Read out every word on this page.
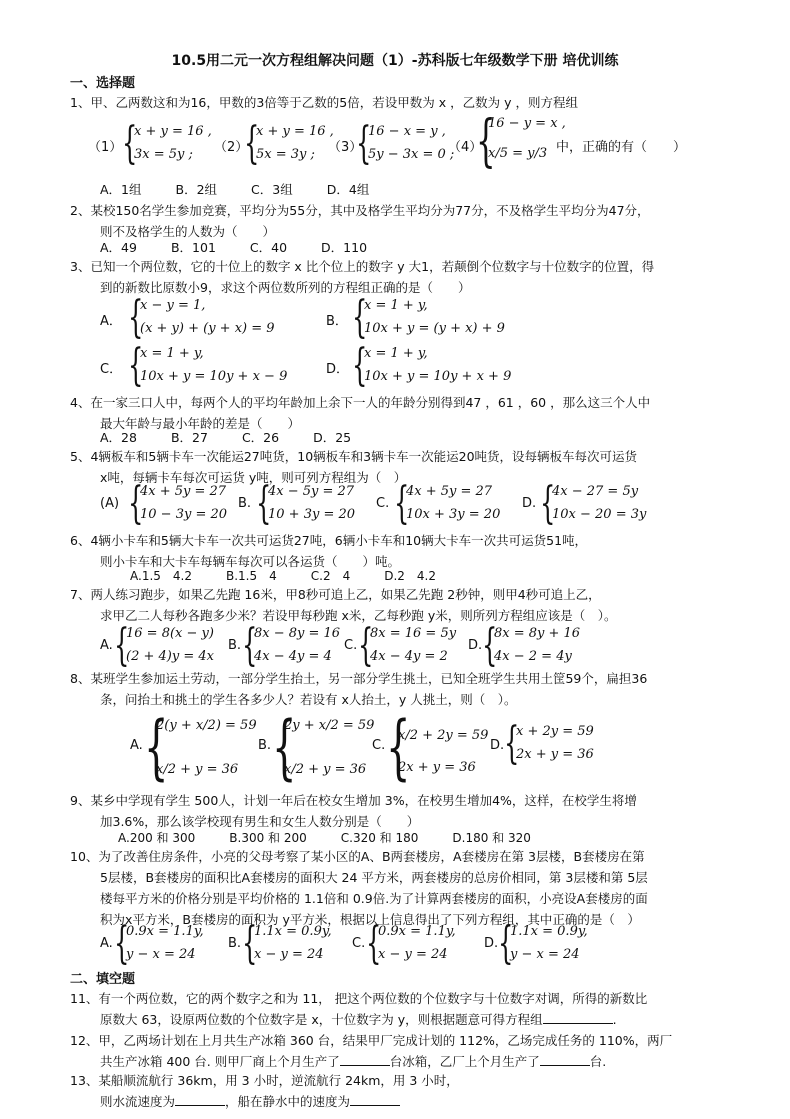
10.5用二元一次方程组解决问题（1）-苏科版七年级数学下册 培优训练
一、选择题

1、甲、乙两数这和为16，甲数的3倍等于乙数的5倍，若设甲数为 x ，乙数为 y ，则方程组

（1） {
x + y = 16 ,
3x = 5y ; （2）
{
x + y = 16 ,
5x = 3y ; （3）
{
16 − x = y ,
5y − 3x = 0 ;
（4）
{
16 − y = x ,
x/5 = y/3 中，正确的有（　　）
A．1组	B．2组	C．3组	D．4组

2、某校150名学生参加竞赛，平均分为55分，其中及格学生平均分为77分，不及格学生平均分为47分，

则不及格学生的人数为（　　）

A．49	B．101	C．40	D．110

3、已知一个两位数，它的十位上的数字 x 比个位上的数字 y 大1，若颠倒个位数字与十位数字的位置，得

到的新数比原数小9，求这个两位数所列的方程组正确的是（　　）

A． {
x − y = 1,
(x + y) + (y + x) = 9	B． {
x = 1 + y,
10x + y = (y + x) + 9
C． {
x = 1 + y,
10x + y = 10y + x − 9	D． {
x = 1 + y,
10x + y = 10y + x + 9

4、在一家三口人中，每两个人的平均年龄加上余下一人的年龄分别得到47 ，61 ，60 ，那么这三个人中

最大年龄与最小年龄的差是（　　）

A．28	B．27	C．26	D．25

5、4辆板车和5辆卡车一次能运27吨货，10辆板车和3辆卡车一次能运20吨货，设每辆板车每次可运货

x吨，每辆卡车每次可运货 y吨，则可列方程组为（　）

(A) {
4x + 5y = 27
10 − 3y = 20
B. {
4x − 5y = 27
10 + 3y = 20
C. {
4x + 5y = 27
10x + 3y = 20
D. {
4x − 27 = 5y
10x − 20 = 3y

6、4辆小卡车和5辆大卡车一次共可运货27吨，6辆小卡车和10辆大卡车一次共可运货51吨，

则小卡车和大卡车每辆车每次可以各运货（　　）吨。

A.1.5　4.2	B.1.5　4	C.2　4	D.2　4.2

7、两人练习跑步，如果乙先跑 16米，甲8秒可追上乙，如果乙先跑 2秒钟，则甲4秒可追上乙，

求甲乙二人每秒各跑多少米？若设甲每秒跑 x米，乙每秒跑 y米，则所列方程组应该是（　）。

A. {
16 = 8(x − y)
(2 + 4)y = 4x
B. {
8x − 8y = 16
4x − 4y = 4
C. {
8x = 16 = 5y
4x − 4y = 2
D. {
8x = 8y + 16
4x − 2 = 4y

8、某班学生参加运土劳动，一部分学生抬土，另一部分学生挑土，已知全班学生共用土筐59个，扁担36

条，问抬土和挑土的学生各多少人？若设有 x人抬土，y 人挑土，则（　）。

A. {
2(y + x/2) = 59
x/2 + y = 36
B. {
2y + x/2 = 59
x/2 + y = 36
C. {
x/2 + 2y = 59
2x + y = 36
D. {
x + 2y = 59
2x + y = 36

9、某乡中学现有学生 500人，计划一年后在校女生增加 3%，在校男生增加4%，这样，在校学生将增

加3.6%，那么该学校现有男生和女生人数分别是（　　）

A.200 和 300	B.300 和 200	C.320 和 180	D.180 和 320

10、为了改善住房条件，小亮的父母考察了某小区的A、B两套楼房，A套楼房在第 3层楼，B套楼房在第

5层楼，B套楼房的面积比A套楼房的面积大 24 平方米，两套楼房的总房价相同，第 3层楼和第 5层

楼每平方米的价格分别是平均价格的 1.1倍和 0.9倍.为了计算两套楼房的面积，小亮设A套楼房的面

积为x平方米，B套楼房的面积为 y平方米，根据以上信息得出了下列方程组，其中正确的是（　）

A. {
0.9x = 1.1y,
y − x = 24
B. {
1.1x = 0.9y,
x − y = 24
C. {
0.9x = 1.1y,
x − y = 24
D. {
1.1x = 0.9y,
y − x = 24
二、填空题

11、有一个两位数，它的两个数字之和为 11， 把这个两位数的个位数字与十位数字对调，所得的新数比

原数大 63，设原两位数的个位数字是 x，十位数字为 y，则根据题意可得方程组	.

12、甲，乙两场计划在上月共生产冰箱 360 台，结果甲厂完成计划的 112%，乙场完成任务的 110%，两厂

共生产冰箱 400 台. 则甲厂商上个月生产了	台冰箱，乙厂上个月生产了	台.

13、某船顺流航行 36km，用 3 小时，逆流航行 24km，用 3 小时，

则水流速度为	，船在静水中的速度为
